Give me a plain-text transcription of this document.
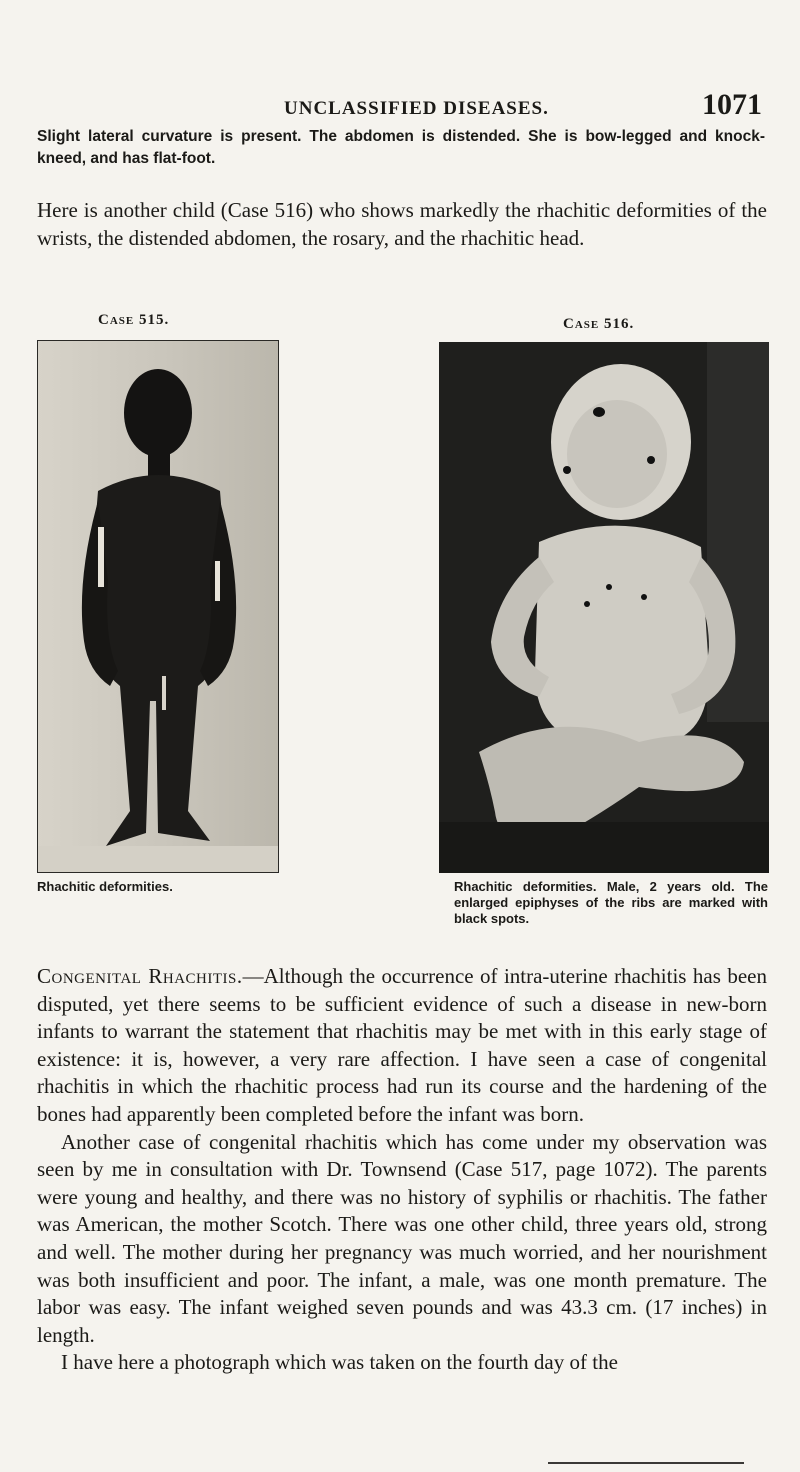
UNCLASSIFIED DISEASES.	1071
Slight lateral curvature is present. The abdomen is distended. She is bow-legged and knock-kneed, and has flat-foot.
Here is another child (Case 516) who shows markedly the rhachitic deformities of the wrists, the distended abdomen, the rosary, and the rhachitic head.
Case 515.	Case 516.
Rhachitic deformities.	Rhachitic deformities. Male, 2 years old. The enlarged epiphyses of the ribs are marked with black spots.

Congenital Rhachitis.—Although the occurrence of intra-uterine rhachitis has been disputed, yet there seems to be sufficient evidence of such a disease in new-born infants to warrant the statement that rhachitis may be met with in this early stage of existence: it is, however, a very rare affection. I have seen a case of congenital rhachitis in which the rhachitic process had run its course and the hardening of the bones had apparently been completed before the infant was born.

Another case of congenital rhachitis which has come under my observation was seen by me in consultation with Dr. Townsend (Case 517, page 1072). The parents were young and healthy, and there was no history of syphilis or rhachitis. The father was American, the mother Scotch. There was one other child, three years old, strong and well. The mother during her pregnancy was much worried, and her nourishment was both insufficient and poor. The infant, a male, was one month premature. The labor was easy. The infant weighed seven pounds and was 43.3 cm. (17 inches) in length.

I have here a photograph which was taken on the fourth day of the
